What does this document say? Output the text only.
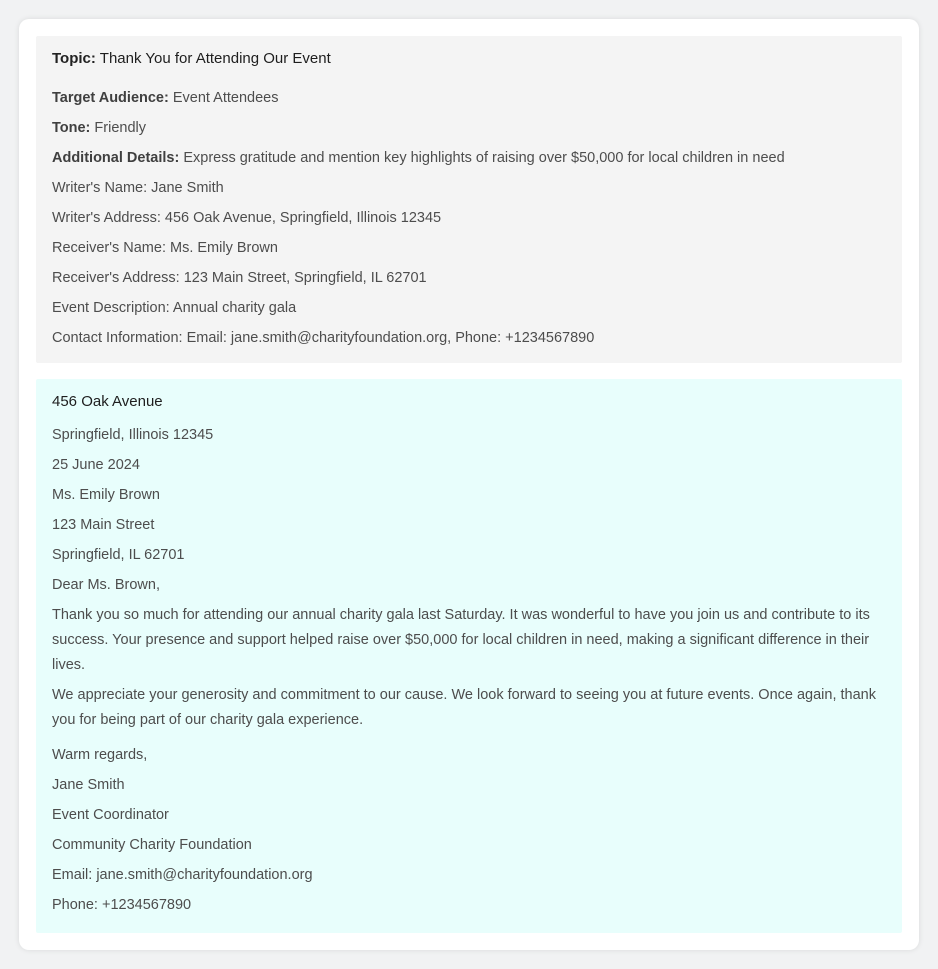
Topic: Thank You for Attending Our Event
Target Audience: Event Attendees
Tone: Friendly
Additional Details: Express gratitude and mention key highlights of raising over $50,000 for local children in need
Writer's Name: Jane Smith
Writer's Address: 456 Oak Avenue, Springfield, Illinois 12345
Receiver's Name: Ms. Emily Brown
Receiver's Address: 123 Main Street, Springfield, IL 62701
Event Description: Annual charity gala
Contact Information: Email: jane.smith@charityfoundation.org, Phone: +1234567890
456 Oak Avenue
Springfield, Illinois 12345
25 June 2024
Ms. Emily Brown
123 Main Street
Springfield, IL 62701
Dear Ms. Brown,
Thank you so much for attending our annual charity gala last Saturday. It was wonderful to have you join us and contribute to its success. Your presence and support helped raise over $50,000 for local children in need, making a significant difference in their lives.
We appreciate your generosity and commitment to our cause. We look forward to seeing you at future events. Once again, thank you for being part of our charity gala experience.
Warm regards,
Jane Smith
Event Coordinator
Community Charity Foundation
Email: jane.smith@charityfoundation.org
Phone: +1234567890
